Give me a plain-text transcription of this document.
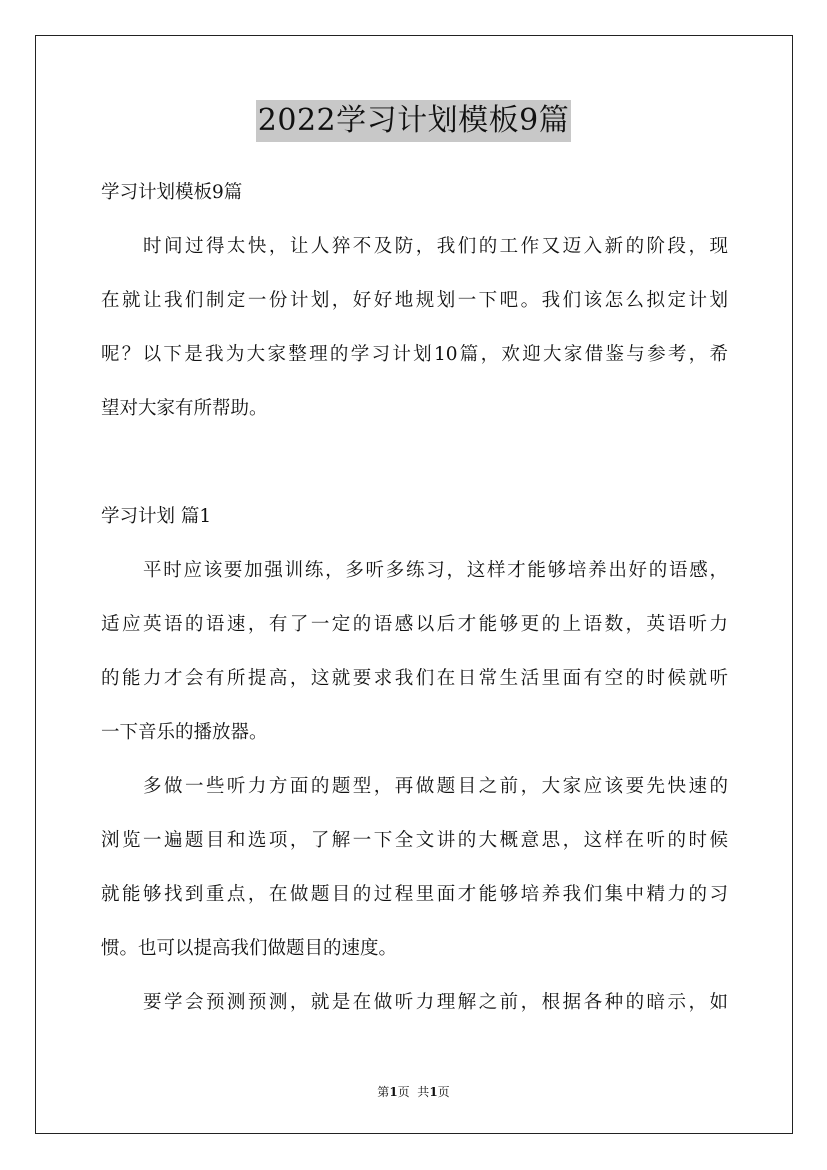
2022学习计划模板9篇
学习计划模板9篇
时间过得太快，让人猝不及防，我们的工作又迈入新的阶段，现
在就让我们制定一份计划，好好地规划一下吧。我们该怎么拟定计划
呢？以下是我为大家整理的学习计划10篇，欢迎大家借鉴与参考，希
望对大家有所帮助。
学习计划 篇1
平时应该要加强训练，多听多练习，这样才能够培养出好的语感，
适应英语的语速，有了一定的语感以后才能够更的上语数，英语听力
的能力才会有所提高，这就要求我们在日常生活里面有空的时候就听
一下音乐的播放器。
多做一些听力方面的题型，再做题目之前，大家应该要先快速的
浏览一遍题目和选项，了解一下全文讲的大概意思，这样在听的时候
就能够找到重点，在做题目的过程里面才能够培养我们集中精力的习
惯。也可以提高我们做题目的速度。
要学会预测预测，就是在做听力理解之前，根据各种的暗示，如
第1页  共1页
